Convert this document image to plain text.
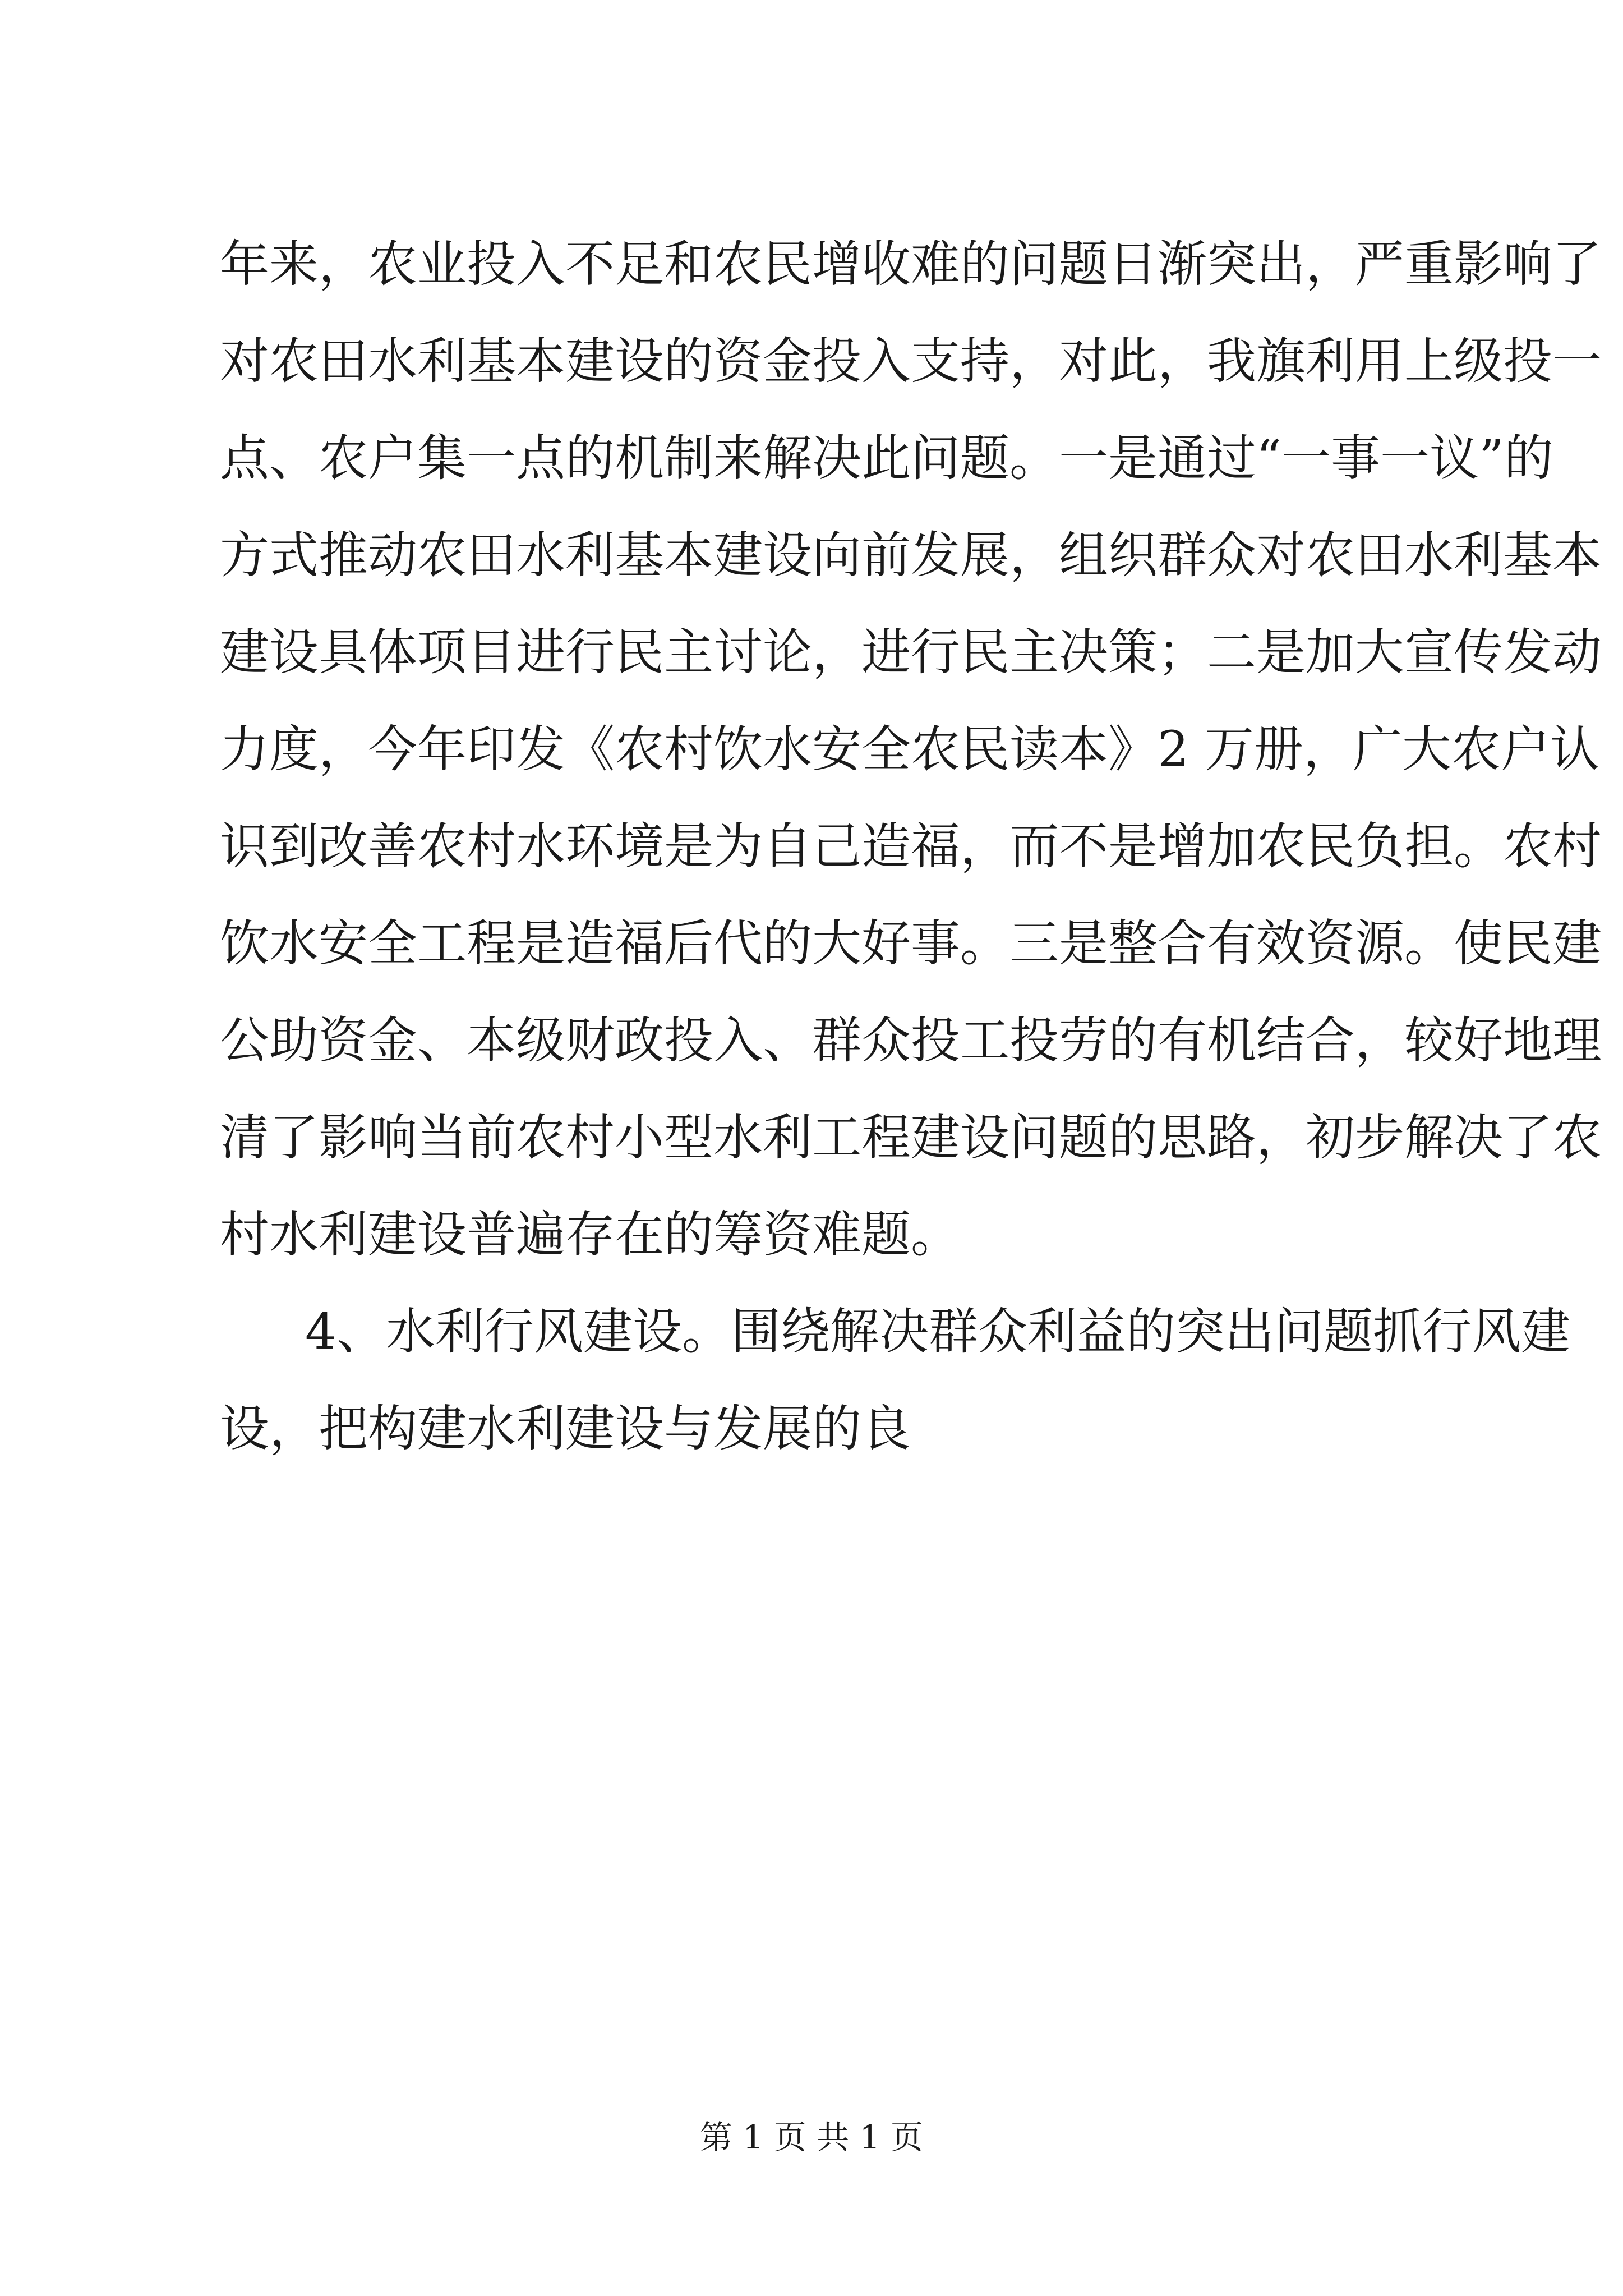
年来，农业投入不足和农民增收难的问题日渐突出，严重影响了
对农田水利基本建设的资金投入支持，对此，我旗利用上级投一
点、农户集一点的机制来解决此问题。一是通过“一事一议”的
方式推动农田水利基本建设向前发展，组织群众对农田水利基本
建设具体项目进行民主讨论，进行民主决策；二是加大宣传发动
力度，今年印发《农村饮水安全农民读本》2 万册，广大农户认
识到改善农村水环境是为自己造福，而不是增加农民负担。农村
饮水安全工程是造福后代的大好事。三是整合有效资源。使民建
公助资金、本级财政投入、群众投工投劳的有机结合，较好地理
清了影响当前农村小型水利工程建设问题的思路，初步解决了农
村水利建设普遍存在的筹资难题。
4、水利行风建设。围绕解决群众利益的突出问题抓行风建
设，把构建水利建设与发展的良
第 1 页 共 1 页
